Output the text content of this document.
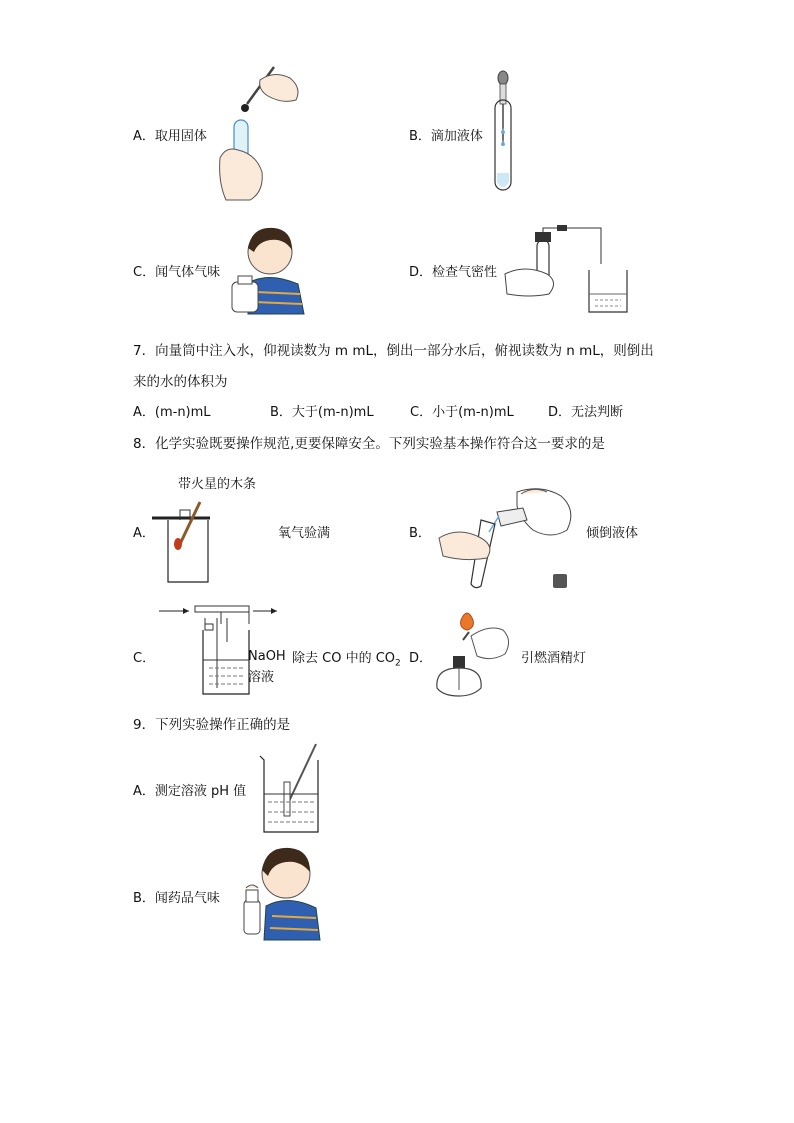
A．取用固体	B．滴加液体
C．闻气体气味	D．检查气密性
7．向量筒中注入水，仰视读数为 m mL，倒出一部分水后，俯视读数为 n mL，则倒出
来的水的体积为
A．(m-n)mL	B．大于(m-n)mL	C．小于(m-n)mL	D．无法判断
8．化学实验既要操作规范,更要保障安全。下列实验基本操作符合这一要求的是
带火星的木条
A．	氧气验满	B．	倾倒液体
C．	NaOH
溶液
除去 CO 中的 $CO_2$ D．	引燃酒精灯
9．下列实验操作正确的是
A．测定溶液 pH 值
B．闻药品气味
